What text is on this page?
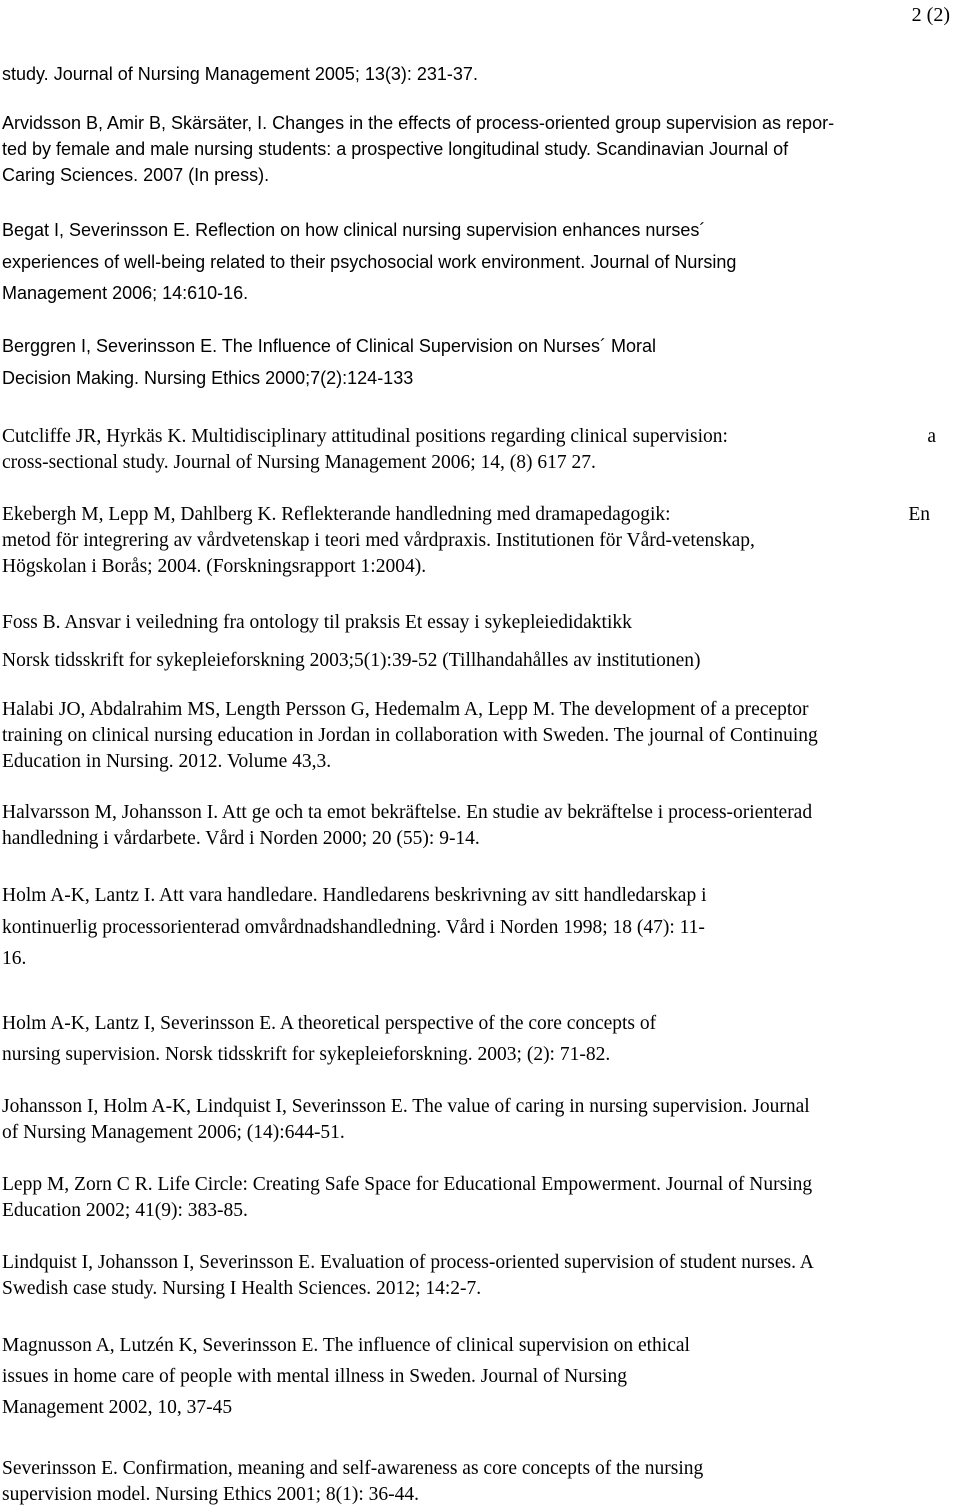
2 (2)
study. Journal of Nursing Management 2005; 13(3): 231-37.
Arvidsson B, Amir B, Skärsäter, I. Changes in the effects of process-oriented group supervision as repor-
ted by female and male nursing students: a prospective longitudinal study. Scandinavian Journal of
Caring Sciences. 2007 (In press).
Begat I, Severinsson E. Reflection on how clinical nursing supervision enhances nurses´
experiences of well-being related to their psychosocial work environment. Journal of Nursing
Management 2006; 14:610-16.
Berggren I, Severinsson E. The Influence of Clinical Supervision on Nurses´ Moral
Decision Making. Nursing Ethics 2000;7(2):124-133
Cutcliffe JR, Hyrkäs K. Multidisciplinary attitudinal positions regarding clinical supervision:	a
cross-sectional study. Journal of Nursing Management 2006; 14, (8) 617 27.
Ekebergh M, Lepp M, Dahlberg K. Reflekterande handledning med dramapedagogik:	En
metod för integrering av vårdvetenskap i teori med vårdpraxis. Institutionen för Vård-vetenskap,
Högskolan i Borås; 2004. (Forskningsrapport 1:2004).
Foss B. Ansvar i veiledning fra ontology til praksis Et essay i sykepleiedidaktikk
Norsk tidsskrift for sykepleieforskning 2003;5(1):39-52 (Tillhandahålles av institutionen)
Halabi JO, Abdalrahim MS, Length Persson G, Hedemalm A, Lepp M. The development of a preceptor
training on clinical nursing education in Jordan in collaboration with Sweden. The journal of Continuing
Education in Nursing. 2012. Volume 43,3.
Halvarsson M, Johansson I. Att ge och ta emot bekräftelse. En studie av bekräftelse i process-orienterad
handledning i vårdarbete. Vård i Norden 2000; 20 (55): 9-14.
Holm A-K, Lantz I. Att vara handledare. Handledarens beskrivning av sitt handledarskap i
kontinuerlig processorienterad omvårdnadshandledning. Vård i Norden 1998; 18 (47): 11-
16.
Holm A-K, Lantz I, Severinsson E. A theoretical perspective of the core concepts of
nursing supervision. Norsk tidsskrift for sykepleieforskning. 2003; (2): 71-82.
Johansson I, Holm A-K, Lindquist I, Severinsson E. The value of caring in nursing supervision. Journal
of Nursing Management 2006; (14):644-51.
Lepp M, Zorn C R. Life Circle: Creating Safe Space for Educational Empowerment. Journal of Nursing
Education 2002; 41(9): 383-85.
Lindquist I, Johansson I, Severinsson E. Evaluation of process-oriented supervision of student nurses. A
Swedish case study. Nursing I Health Sciences. 2012; 14:2-7.
Magnusson A, Lutzén K, Severinsson E. The influence of clinical supervision on ethical
issues in home care of people with mental illness in Sweden. Journal of Nursing
Management 2002, 10, 37-45
Severinsson E. Confirmation, meaning and self-awareness as core concepts of the nursing
supervision model. Nursing Ethics 2001; 8(1): 36-44.
